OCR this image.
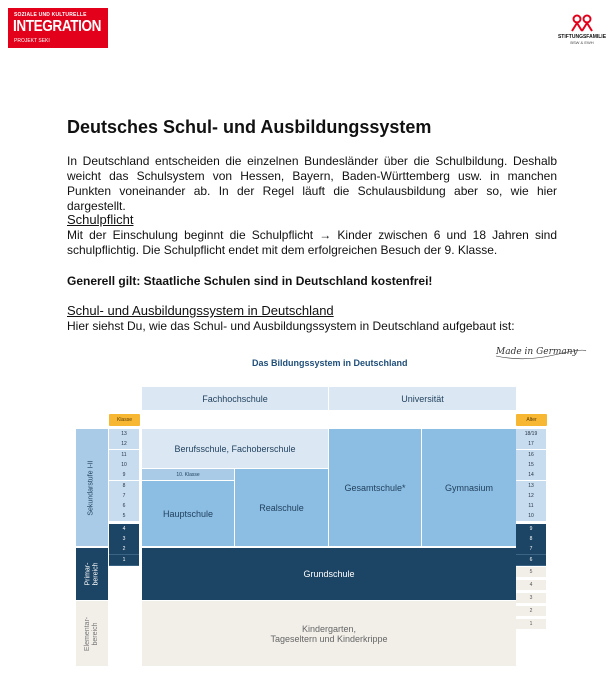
SOZIALE UND KULTURELLE
INTEGRATION
PROJEKT SEKI
STIFTUNGSFAMILIE
BSW & EWH
Deutsches Schul- und Ausbildungssystem
In Deutschland entscheiden die einzelnen Bundesländer über die Schulbildung. Deshalb weicht das Schulsystem von Hessen, Bayern, Baden-Württemberg usw. in manchen Punkten voneinander ab. In der Regel läuft die Schulausbildung aber so, wie hier dargestellt.
Schulpflicht
Mit der Einschulung beginnt die Schulpflicht → Kinder zwischen 6 und 18 Jahren sind schulpflichtig. Die Schulpflicht endet mit dem erfolgreichen Besuch der 9. Klasse.
Generell gilt: Staatliche Schulen sind in Deutschland kostenfrei!
Schul- und Ausbildungssystem in Deutschland
Hier siehst Du, wie das Schul- und Ausbildungssystem in Deutschland aufgebaut ist:
Made in Germany
Das Bildungssystem in Deutschland
Fachhochschule	Universität
Klasse	Alter
Sekundarstufe I-II
Primar- bereich
Elementar- bereich
13
12
11
10
9
8
7
6
5
4
3
2
1
18/19
17
16
15
14
13
12
11
10
9
8
7
6
5
4
3
2
1
Berufsschule, Fachoberschule
10. Klasse
Hauptschule
Realschule
Gesamtschule*	Gymnasium
Grundschule
Kindergarten,
Tageseltern und Kinderkrippe
